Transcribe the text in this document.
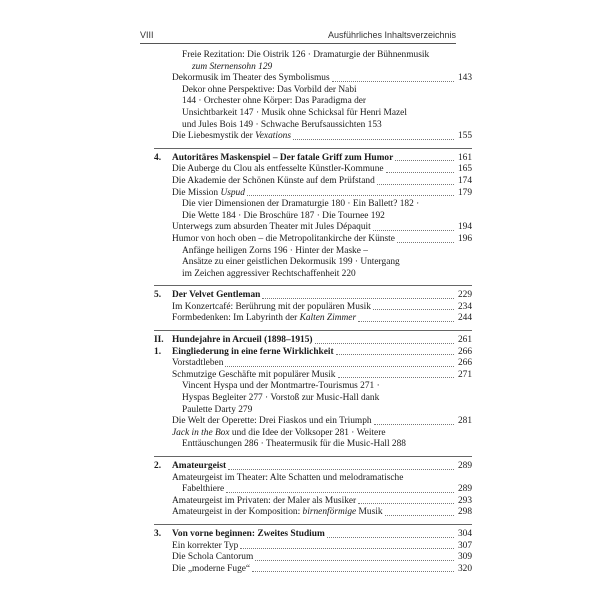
VIII	Ausführliches Inhaltsverzeichnis
Freie Rezitation: Die Oistrik 126 · Dramaturgie der Bühnenmusik
zum Sternensohn 129
Dekormusik im Theater des Symbolismus	143
Dekor ohne Perspektive: Das Vorbild der Nabi
144 · Orchester ohne Körper: Das Paradigma der
Unsichtbarkeit 147 · Musik ohne Schicksal für Henri Mazel
und Jules Bois 149 · Schwache Berufsaussichten 153
Die Liebesmystik der Vexations	155
4.	Autoritäres Maskenspiel – Der fatale Griff zum Humor	161
Die Auberge du Clou als entfesselte Künstler-Kommune	165
Die Akademie der Schönen Künste auf dem Prüfstand	174
Die Mission Uspud	179
Die vier Dimensionen der Dramaturgie 180 · Ein Ballett? 182 ·
Die Wette 184 · Die Broschüre 187 · Die Tournee 192
Unterwegs zum absurden Theater mit Jules Dépaquit	194
Humor von hoch oben – die Metropolitankirche der Künste	196
Anfänge heiligen Zorns 196 · Hinter der Maske –
Ansätze zu einer geistlichen Dekormusik 199 · Untergang
im Zeichen aggressiver Rechtschaffenheit 220
5.	Der Velvet Gentleman	229
Im Konzertcafé: Berührung mit der populären Musik	234
Formbedenken: Im Labyrinth der Kalten Zimmer	244
II. Hundejahre in Arcueil (1898–1915)	261
1.	Eingliederung in eine ferne Wirklichkeit	266
Vorstadtleben	266
Schmutzige Geschäfte mit populärer Musik	271
Vincent Hyspa und der Montmartre-Tourismus 271 ·
Hyspas Begleiter 277 · Vorstoß zur Music-Hall dank
Paulette Darty 279
Die Welt der Operette: Drei Fiaskos und ein Triumph	281
Jack in the Box und die Idee der Volksoper 281 · Weitere
Enttäuschungen 286 · Theatermusik für die Music-Hall 288
2.	Amateurgeist	289
Amateurgeist im Theater: Alte Schatten und melodramatische
Fabelthiere	289
Amateurgeist im Privaten: der Maler als Musiker	293
Amateurgeist in der Komposition: birnenförmige Musik	298
3.	Von vorne beginnen: Zweites Studium	304
Ein korrekter Typ	307
Die Schola Cantorum	309
Die „moderne Fuge“	320
